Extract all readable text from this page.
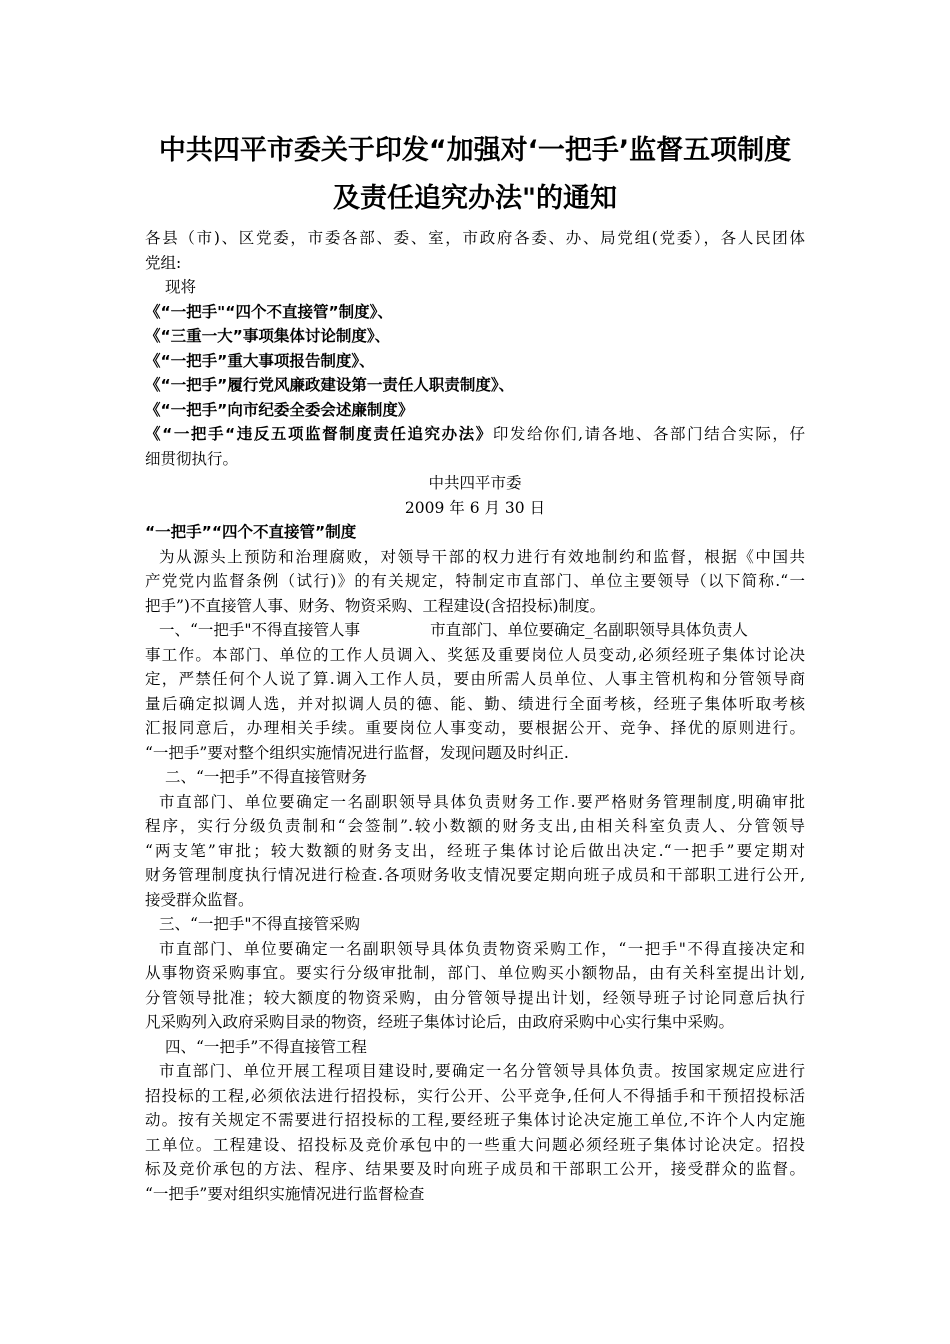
中共四平市委关于印发“加强对‘一把手’监督五项制度
及责任追究办法"的通知
各县（市)、区党委，市委各部、委、室，市政府各委、办、局党组(党委），各人民团体
党组:
现将
《“一把手"“四个不直接管”制度》、
《“三重一大”事项集体讨论制度》、
《“一把手”重大事项报告制度》、
《“一把手”履行党风廉政建设第一责任人职责制度》、
《“一把手”向市纪委全委会述廉制度》
《“一把手“违反五项监督制度责任追究办法》印发给你们,请各地、各部门结合实际，仔
细贯彻执行。
中共四平市委
2009 年 6 月 30 日
“一把手”“四个不直接管”制度
为从源头上预防和治理腐败，对领导干部的权力进行有效地制约和监督，根据《中国共
产党党内监督条例（试行)》的有关规定，特制定市直部门、单位主要领导（以下简称.“一
把手”)不直接管人事、财务、物资采购、工程建设(含招投标)制度。
一、“一把手"不得直接管人事	市直部门、单位要确定_名副职领导具体负责人
事工作。本部门、单位的工作人员调入、奖惩及重要岗位人员变动,必须经班子集体讨论决
定，严禁任何个人说了算.调入工作人员，要由所需人员单位、人事主管机构和分管领导商
量后确定拟调人选，并对拟调人员的德、能、勤、绩进行全面考核，经班子集体听取考核
汇报同意后，办理相关手续。重要岗位人事变动，要根据公开、竞争、择优的原则进行。
“一把手”要对整个组织实施情况进行监督，发现问题及时纠正.
二、“一把手”不得直接管财务
市直部门、单位要确定一名副职领导具体负责财务工作.要严格财务管理制度,明确审批
程序，实行分级负责制和“会签制”.较小数额的财务支出,由相关科室负责人、分管领导
“两支笔”审批；较大数额的财务支出，经班子集体讨论后做出决定.“一把手”要定期对
财务管理制度执行情况进行检查.各项财务收支情况要定期向班子成员和干部职工进行公开,
接受群众监督。
三、“一把手"不得直接管采购
市直部门、单位要确定一名副职领导具体负责物资采购工作，“一把手"不得直接决定和
从事物资采购事宜。要实行分级审批制，部门、单位购买小额物品，由有关科室提出计划,
分管领导批准；较大额度的物资采购，由分管领导提出计划，经领导班子讨论同意后执行
凡采购列入政府采购目录的物资，经班子集体讨论后，由政府采购中心实行集中采购。
四、“一把手”不得直接管工程
市直部门、单位开展工程项目建设时,要确定一名分管领导具体负责。按国家规定应进行
招投标的工程,必须依法进行招投标，实行公开、公平竞争,任何人不得插手和干预招投标活
动。按有关规定不需要进行招投标的工程,要经班子集体讨论决定施工单位,不许个人内定施
工单位。工程建设、招投标及竞价承包中的一些重大问题必须经班子集体讨论决定。招投
标及竞价承包的方法、程序、结果要及时向班子成员和干部职工公开，接受群众的监督。
“一把手”要对组织实施情况进行监督检查
